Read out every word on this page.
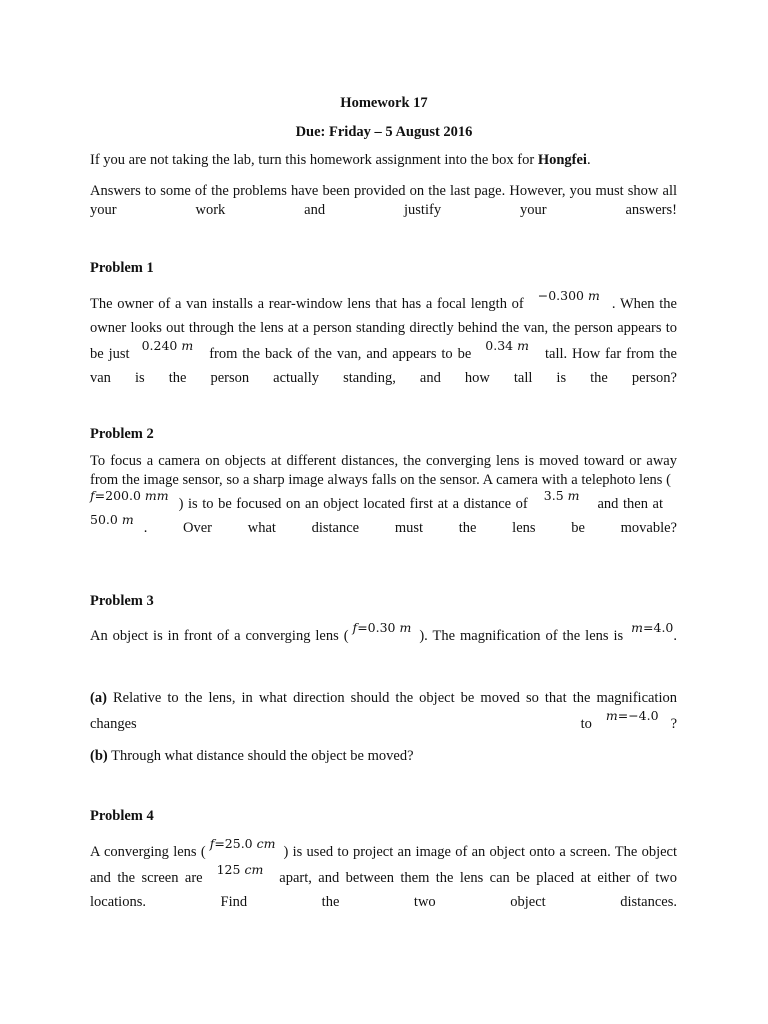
Homework 17
Due: Friday – 5 August 2016

If you are not taking the lab, turn this homework assignment into the box for Hongfei.

Answers to some of the problems have been provided on the last page. However, you must show all your work and justify your answers!

Problem 1

The owner of a van installs a rear-window lens that has a focal length of−0.300 m. When the owner looks out through the lens at a person standing directly behind the van, the person appears to be just0.240 mfrom the back of the van, and appears to be0.34 mtall. How far from the van is the person actually standing, and how tall is the person?

Problem 2

To focus a camera on objects at different distances, the converging lens is moved toward or away from the image sensor, so a sharp image always falls on the sensor. A camera with a telephoto lens (f=200.0 mm) is to be focused on an object located first at a distance of3.5 mand then at50.0 m. Over what distance must the lens be movable?

Problem 3

An object is in front of a converging lens (f=0.30 m). The magnification of the lens ism=4.0.

(a) Relative to the lens, in what direction should the object be moved so that the magnification changes tom=−4.0?

(b) Through what distance should the object be moved?

Problem 4

A converging lens (f=25.0 cm) is used to project an image of an object onto a screen. The object and the screen are125 cmapart, and between them the lens can be placed at either of two locations. Find the two object distances.
